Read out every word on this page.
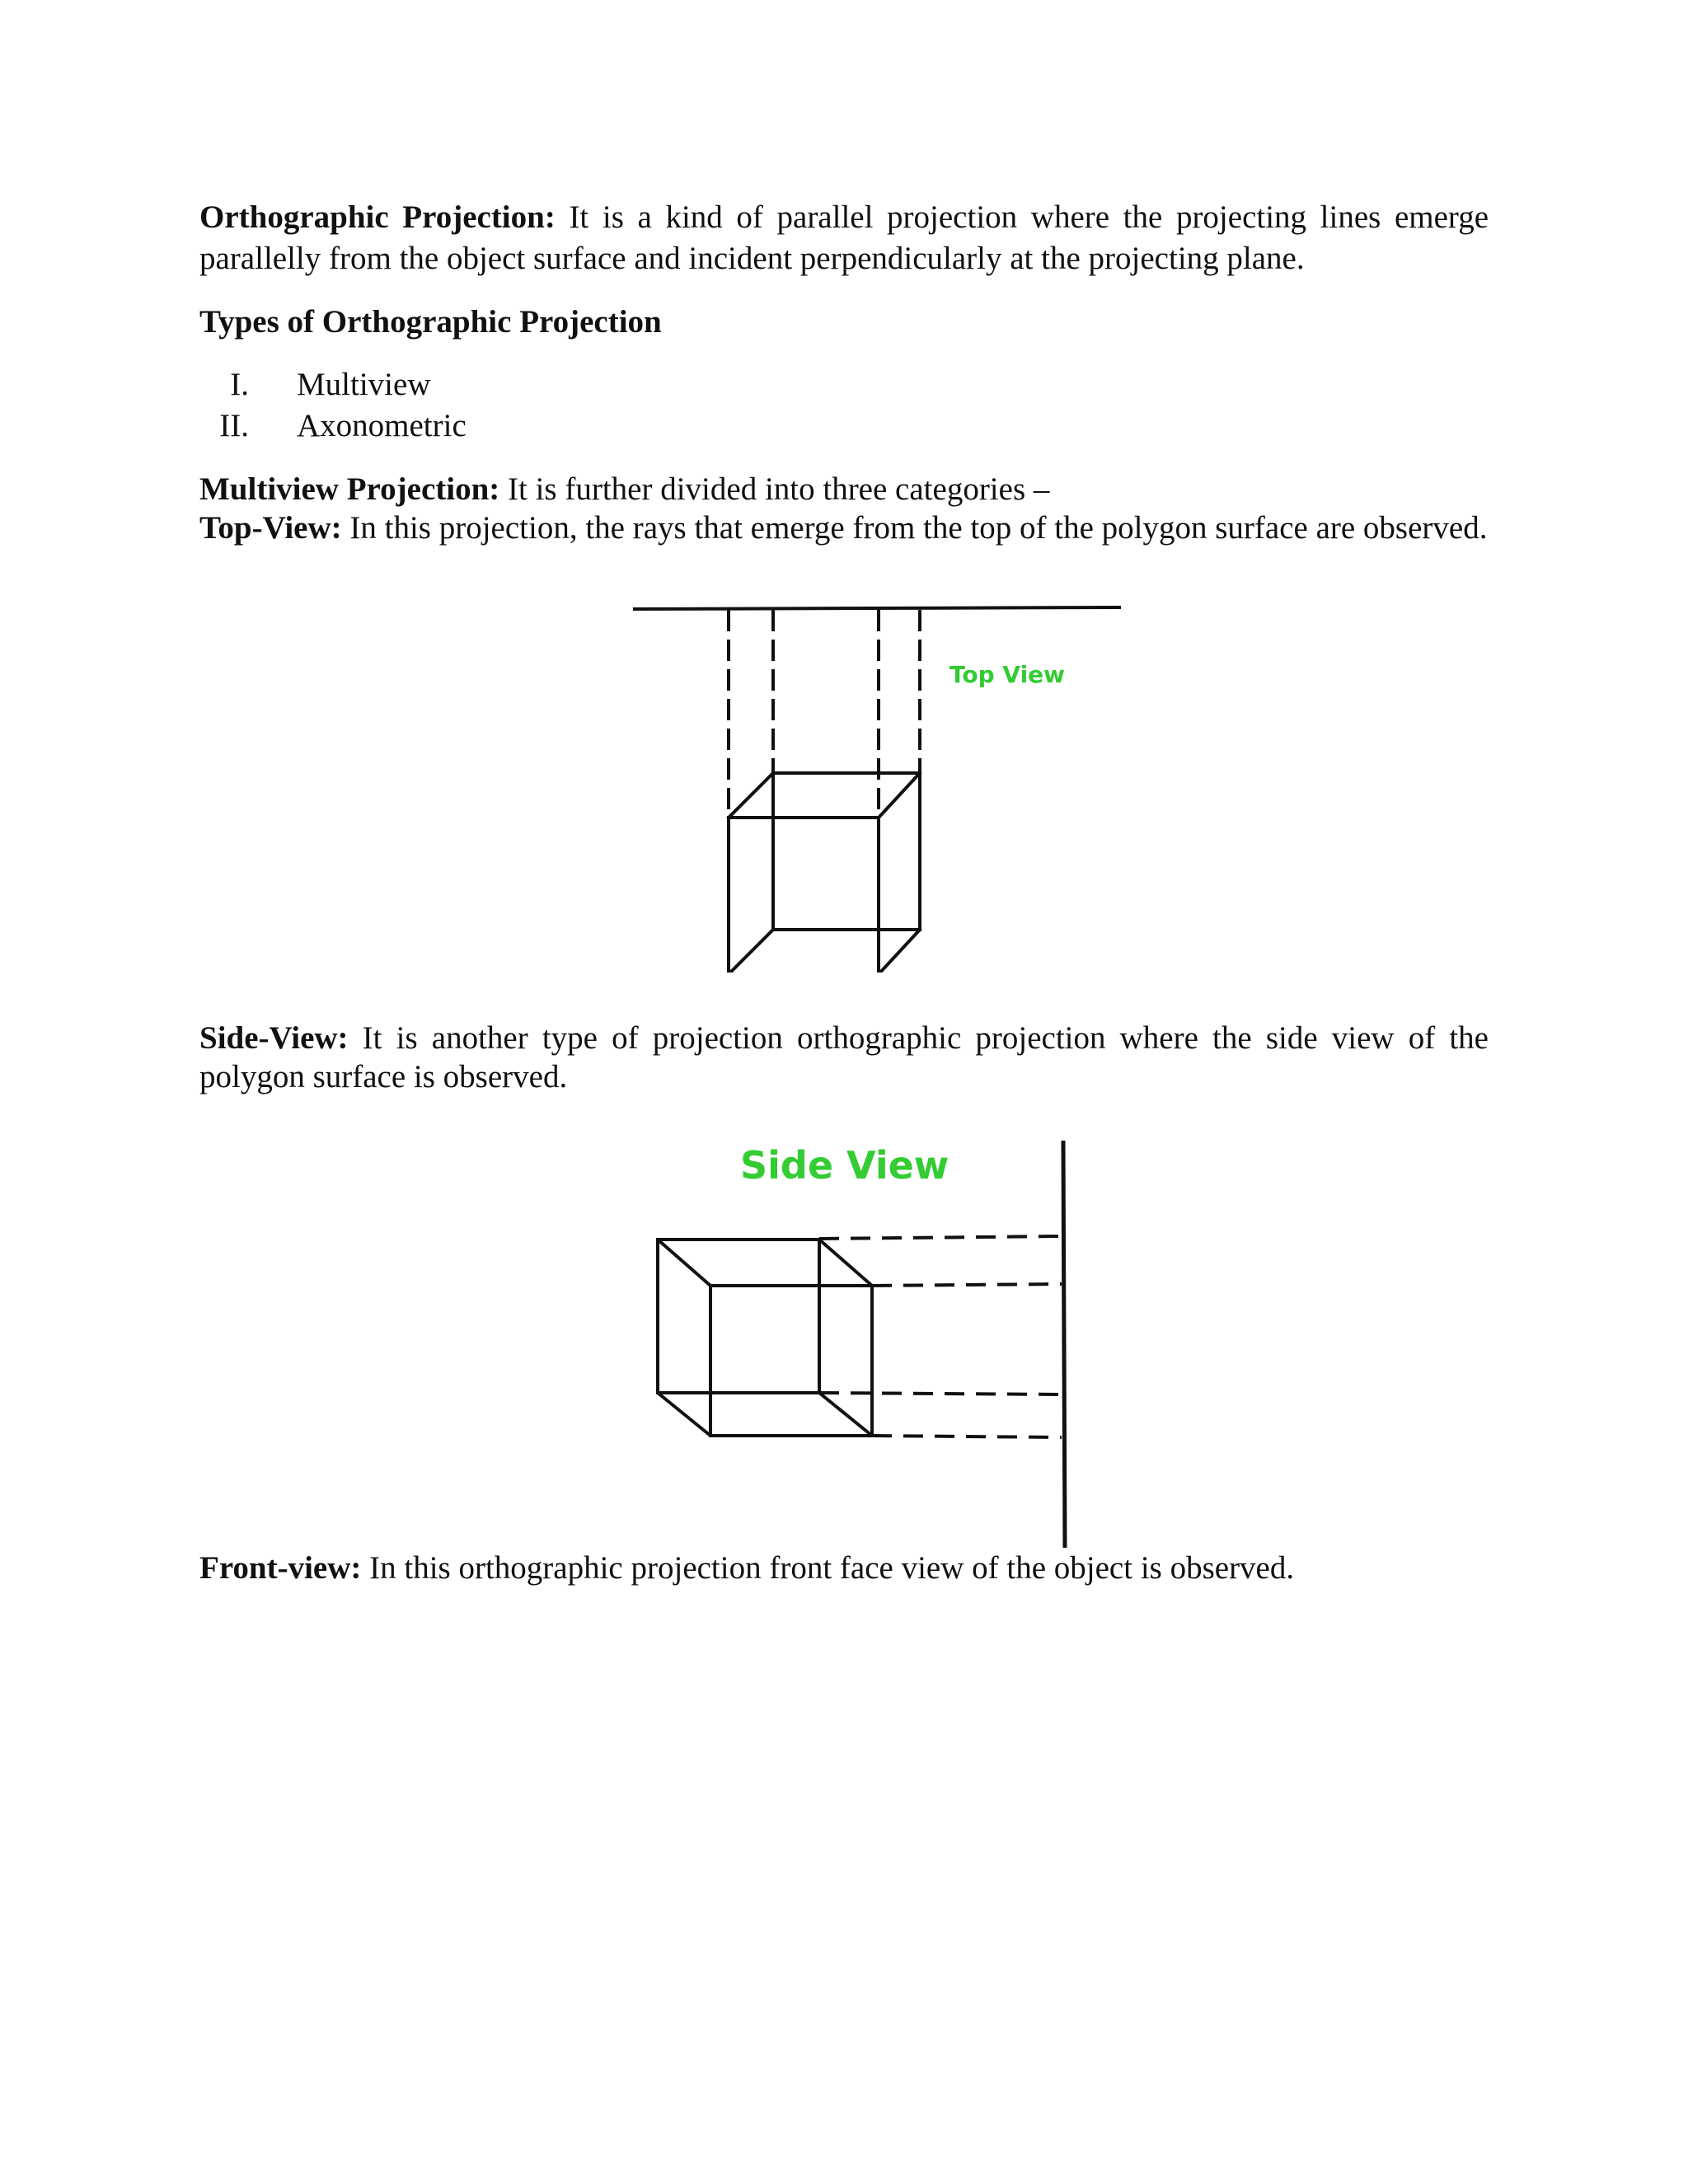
Orthographic Projection: It is a kind of parallel projection where the projecting lines emerge parallelly from the object surface and incident perpendicularly at the projecting plane.
Types of Orthographic Projection
I. Multiview
II. Axonometric
Multiview Projection: It is further divided into three categories –
Top-View: In this projection, the rays that emerge from the top of the polygon surface are observed.
Top View
Side-View: It is another type of projection orthographic projection where the side view of the polygon surface is observed.
Side View
Front-view: In this orthographic projection front face view of the object is observed.
